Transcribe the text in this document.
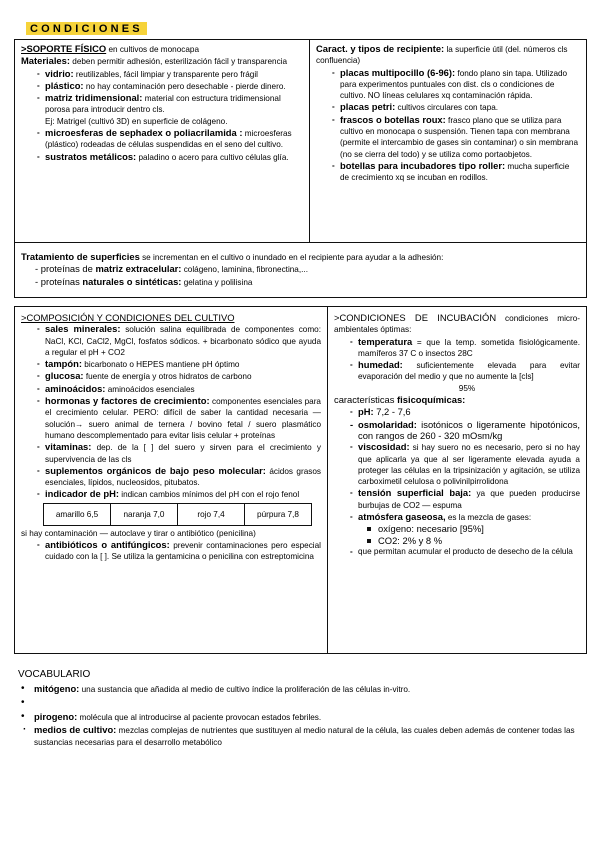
CONDICIONES

>SOPORTE FÍSICO en cultivos de monocapa

Materiales: deben permitir adhesión, esterilización fácil y transparencia

- vidrio: reutilizables, fácil limpiar y transparente pero frágil

- plástico: no hay contaminación pero desechable - pierde dinero.

- matriz tridimensional: material con estructura tridimensional porosa para introducir dentro cls.

Ej: Matrigel (cultivó 3D) en superficie de colágeno.

- microesferas de sephadex o poliacrilamida : microesferas (plástico) rodeadas de células suspendidas en el seno del cultivo.

- sustratos metálicos: paladino o acero para cultivo células glía.

Caract. y tipos de recipiente: la superficie útil (del. números cls confluencia)

- placas multipocillo (6-96): fondo plano sin tapa. Utilizado para experimentos puntuales con dist. cls o condiciones de cultivo. NO líneas celulares xq contaminación rápida.

- placas petri: cultivos circulares con tapa.

- frascos o botellas roux: frasco plano que se utiliza para cultivo en monocapa o suspensión. Tienen tapa con membrana (permite el intercambio de gases sin contaminar) o sin membrana (no se cierra del todo) y se utiliza como portaobjetos.

- botellas para incubadores tipo roller: mucha superficie de crecimiento xq se incuban en rodillos.

Tratamiento de superficies se incrementan en el cultivo o inundado en el recipiente para ayudar a la adhesión:

- proteínas de matriz extracelular: colágeno, laminina, fibronectina,...

- proteínas naturales o sintéticas: gelatina y polilisina

>COMPOSICIÓN Y CONDICIONES DEL CULTIVO

- sales minerales: solución salina equilibrada de componentes como: NaCl, KCl, CaCl2, MgCl, fosfatos sódicos. + bicarbonato sódico que ayuda a regular el pH + CO2

- tampón: bicarbonato o HEPES mantiene pH óptimo

- glucosa: fuente de energía y otros hidratos de carbono

- aminoácidos: aminoácidos esenciales

- hormonas y factores de crecimiento: componentes esenciales para el crecimiento celular. PERO: difícil de saber la cantidad necesaria — solución→ suero animal de ternera / bovino fetal / suero plasmático humano descomplementado para evitar lisis celular + proteínas

- vitaminas: dep. de la [ ] del suero y sirven para el crecimiento y supervivencia de las cls

- suplementos orgánicos de bajo peso molecular: ácidos grasos esenciales, lípidos, nucleosidos, pitubatos.

- indicador de pH: indican cambios mínimos del pH con el rojo fenol

amarillo 6,5	naranja 7,0	rojo 7,4	púrpura 7,8

si hay contaminación — autoclave y tirar o antibiótico (penicilina)

- antibióticos o antifúngicos: prevenir contaminaciones pero especial cuidado con la [ ]. Se utiliza la gentamicina o penicilina con estreptomicina

>CONDICIONES DE INCUBACIÓN condiciones micro-ambientales óptimas:

- temperatura = que la temp. sometida fisiológicamente. mamíferos 37 C o insectos 28C

- humedad: suficientemente elevada para evitar evaporación del medio y que no aumente la [cls]

95%

características fisicoquímicas:

- pH: 7,2 - 7,6

- osmolaridad: isotónicos o ligeramente hipotónicos, con rangos de 260 - 320 mOsm/kg

- viscosidad: si hay suero no es necesario, pero si no hay que aplicarla ya que al ser ligeramente elevada ayuda a proteger las células en la tripsinización y agitación, se utiliza carboximetil celulosa o polivinilpirrolidona

- tensión superficial baja: ya que pueden producirse burbujas de CO2 — espuma

- atmósfera gaseosa, es la mezcla de gases:

oxígeno: necesario [95%]

CO2: 2% y 8 %

- que permitan acumular el producto de desecho de la célula

VOCABULARIO

• mitógeno: una sustancia que añadida al medio de cultivo índice la proliferación de las células in-vitro.

•

• pirogeno: molécula que al introducirse al paciente provocan estados febriles.

· medios de cultivo: mezclas complejas de nutrientes que sustituyen al medio natural de la célula, las cuales deben además de contener todas las sustancias necesarias para el desarrollo metabólico
